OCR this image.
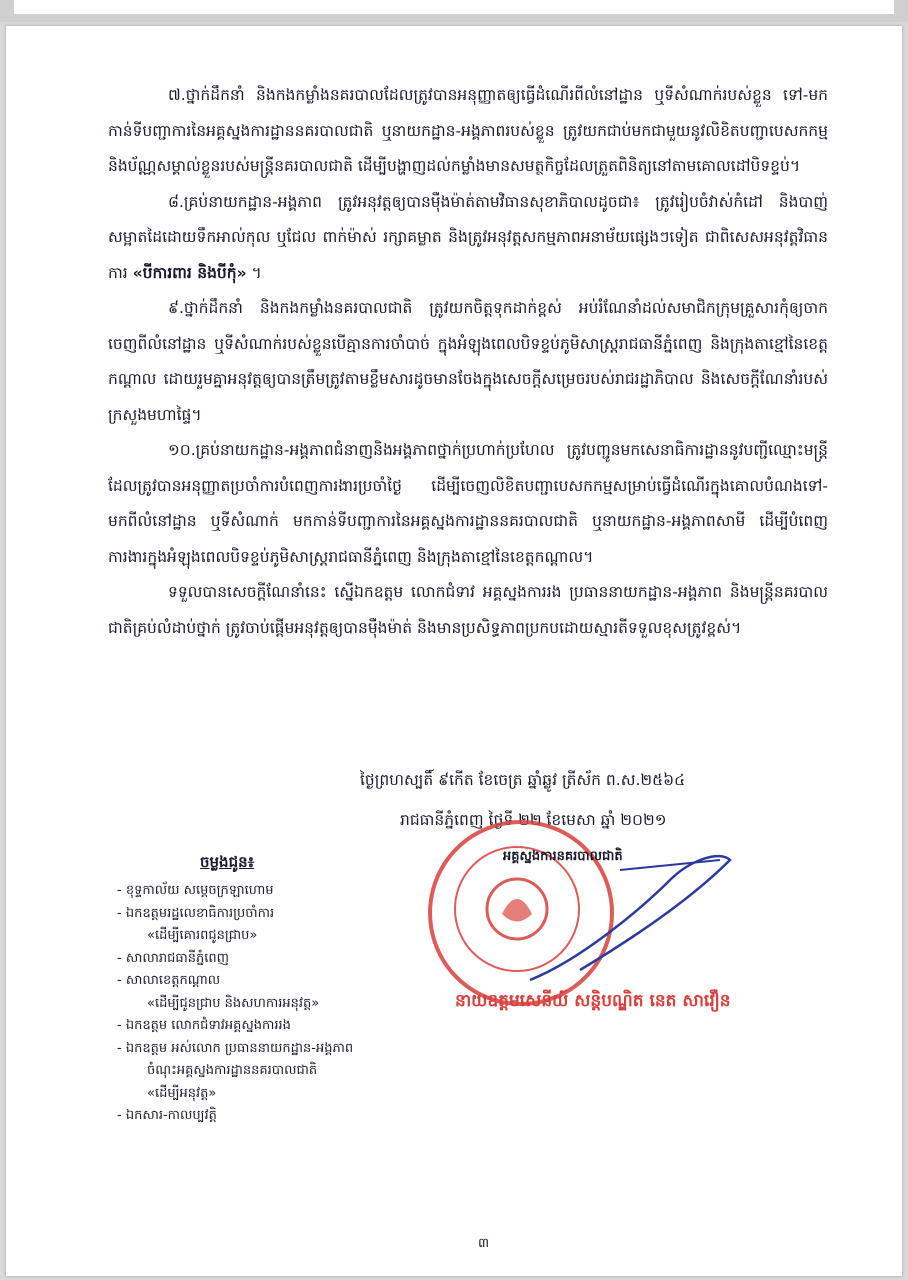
៧.ថ្នាក់ដឹកនាំ និងកងកម្លាំងនគរបាលដែលត្រូវបានអនុញ្ញាតឲ្យធ្វើដំណើរពីលំនៅដ្ឋាន ឬទីសំណាក់របស់ខ្លួន ទៅ-មកកាន់ទីបញ្ជាការនៃអគ្គស្នងការដ្ឋាននគរបាលជាតិ ឬនាយកដ្ឋាន-អង្គភាពរបស់ខ្លួន ត្រូវយកជាប់មកជាមួយនូវលិខិតបញ្ជាបេសកកម្ម និងប័ណ្ណសម្គាល់ខ្លួនរបស់មន្ត្រីនគរបាលជាតិ ដើម្បីបង្ហាញដល់កម្លាំងមានសមត្ថកិច្ចដែលត្រួតពិនិត្យនៅតាមគោលដៅបិទខ្ទប់។

៨.គ្រប់នាយកដ្ឋាន-អង្គភាព ត្រូវអនុវត្តឲ្យបានម៉ឺងម៉ាត់តាមវិធានសុខាភិបាលដូចជា៖ ត្រូវរៀបចំវាស់កំដៅ និងបាញ់សម្អាតដៃដោយទឹកអាល់កុល ឬជែល ពាក់ម៉ាស់ រក្សាគម្លាត និងត្រូវអនុវត្តសកម្មភាពអនាម័យផ្សេងៗទៀត ជាពិសេសអនុវត្តវិធានការ «បីការពារ និងបីកុំ» ។

៩.ថ្នាក់ដឹកនាំ និងកងកម្លាំងនគរបាលជាតិ ត្រូវយកចិត្តទុកដាក់ខ្ពស់ អប់រំណែនាំដល់សមាជិកក្រុមគ្រួសារកុំឲ្យចាកចេញពីលំនៅដ្ឋាន ឬទីសំណាក់របស់ខ្លួនបើគ្មានការចាំបាច់ ក្នុងអំឡុងពេលបិទខ្ទប់ភូមិសាស្ត្ររាជធានីភ្នំពេញ និងក្រុងតាខ្មៅនៃខេត្តកណ្ដាល ដោយរួមគ្នាអនុវត្តឲ្យបានត្រឹមត្រូវតាមខ្លឹមសារដូចមានចែងក្នុងសេចក្ដីសម្រេចរបស់រាជរដ្ឋាភិបាល និងសេចក្ដីណែនាំរបស់ក្រសួងមហាផ្ទៃ។

១០.គ្រប់នាយកដ្ឋាន-អង្គភាពជំនាញនិងអង្គភាពថ្នាក់ប្រហាក់ប្រហែល ត្រូវបញ្ជូនមកសេនាធិការដ្ឋាននូវបញ្ជីឈ្មោះមន្ត្រីដែលត្រូវបានអនុញ្ញាតប្រចាំការបំពេញការងារប្រចាំថ្ងៃ ដើម្បីចេញលិខិតបញ្ជាបេសកកម្មសម្រាប់ធ្វើដំណើរក្នុងគោលបំណងទៅ-មកពីលំនៅដ្ឋាន ឬទីសំណាក់ មកកាន់ទីបញ្ជាការនៃអគ្គស្នងការដ្ឋាននគរបាលជាតិ ឬនាយកដ្ឋាន-អង្គភាពសាមី ដើម្បីបំពេញការងារក្នុងអំឡុងពេលបិទខ្ទប់ភូមិសាស្ត្ររាជធានីភ្នំពេញ និងក្រុងតាខ្មៅនៃខេត្តកណ្ដាល។

ទទួលបានសេចក្ដីណែនាំនេះ ស្នើឯកឧត្តម លោកជំទាវ អគ្គស្នងការរង ប្រធាននាយកដ្ឋាន-អង្គភាព និងមន្ត្រីនគរបាលជាតិគ្រប់លំដាប់ថ្នាក់ ត្រូវចាប់ផ្ដើមអនុវត្តឲ្យបានម៉ឺងម៉ាត់ និងមានប្រសិទ្ធភាពប្រកបដោយស្មារតីទទួលខុសត្រូវខ្ពស់។

ថ្ងៃព្រហស្បតិ៍ ៩កើត ខែចេត្រ ឆ្នាំឆ្លូវ ត្រីស័ក ព.ស.២៥៦៤
រាជធានីភ្នំពេញ ថ្ងៃទី ២២ ខែមេសា ឆ្នាំ ២០២១
អគ្គស្នងការនគរបាលជាតិ
នាយឧត្តមសេនីយ៍ សន្តិបណ្ឌិត នេត សាវឿន
ចម្លងជូន៖
- ខុទ្ទកាល័យ សម្ដេចក្រឡាហោម
- ឯកឧត្តមរដ្ឋលេខាធិការប្រចាំការ
«ដើម្បីគោរពជូនជ្រាប»
- សាលារាជធានីភ្នំពេញ
- សាលាខេត្តកណ្ដាល
«ដើម្បីជូនជ្រាប និងសហការអនុវត្ត»
- ឯកឧត្តម លោកជំទាវអគ្គស្នងការរង
- ឯកឧត្តម អស់លោក ប្រធាននាយកដ្ឋាន-អង្គភាព
ចំណុះអគ្គស្នងការដ្ឋាននគរបាលជាតិ
«ដើម្បីអនុវត្ត»
- ឯកសារ-កាលប្បវត្តិ
៣
